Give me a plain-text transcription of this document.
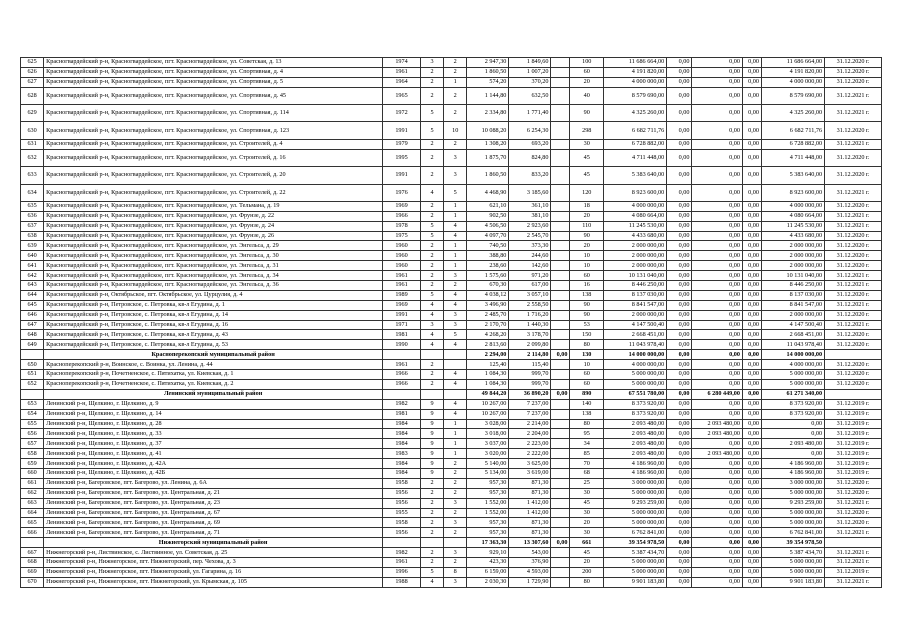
625	Красногвардейский р-н, Красногвардейское, пгт. Красногвардейское, ул. Советская, д. 13	1974	3	2	2 947,30	1 849,60		100	11 686 664,00	0,00	0,00	0,00	11 686 664,00	31.12.2020 г.
626	Красногвардейский р-н, Красногвардейское, пгт. Красногвардейское, ул. Спортивная, д. 4	1961	2	2	1 860,50	1 007,20		60	4 191 820,00	0,00	0,00	0,00	4 191 820,00	31.12.2020 г.
627	Красногвардейский р-н, Красногвардейское, пгт. Красногвардейское, ул. Спортивная, д. 5	1964	2	1	574,20	370,20		20	4 000 000,00	0,00	0,00	0,00	4 000 000,00	31.12.2020 г.
628	Красногвардейский р-н, Красногвардейское, пгт. Красногвардейское, ул. Спортивная, д. 45	1965	2	2	1 144,80	632,50		40	8 579 690,00	0,00	0,00	0,00	8 579 690,00	31.12.2021 г.
629	Красногвардейский р-н, Красногвардейское, пгт. Красногвардейское, ул. Спортивная, д. 114	1972	5	2	2 334,80	1 771,40		90	4 325 260,00	0,00	0,00	0,00	4 325 260,00	31.12.2021 г.
630	Красногвардейский р-н, Красногвардейское, пгт. Красногвардейское, ул. Спортивная, д. 123	1991	5	10	10 088,20	6 254,30		298	6 682 711,76	0,00	0,00	0,00	6 682 711,76	31.12.2020 г.
631	Красногвардейский р-н, Красногвардейское, пгт. Красногвардейское, ул. Строителей, д. 4	1979	2	2	1 308,20	693,20		30	6 728 882,00	0,00	0,00	0,00	6 728 882,00	31.12.2021 г.
632	Красногвардейский р-н, Красногвардейское, пгт. Красногвардейское, ул. Строителей, д. 16	1995	2	3	1 875,70	824,80		45	4 711 448,00	0,00	0,00	0,00	4 711 448,00	31.12.2020 г.
633	Красногвардейский р-н, Красногвардейское, пгт. Красногвардейское, ул. Строителей, д. 20	1991	2	3	1 860,50	833,20		45	5 383 640,00	0,00	0,00	0,00	5 383 640,00	31.12.2020 г.
634	Красногвардейский р-н, Красногвардейское, пгт. Красногвардейское, ул. Строителей, д. 22	1976	4	5	4 468,90	3 185,60		120	8 923 600,00	0,00	0,00	0,00	8 923 600,00	31.12.2021 г.
635	Красногвардейский р-н, Красногвардейское, пгт. Красногвардейское, ул. Тельмана, д. 19	1969	2	1	621,10	361,10		18	4 000 000,00	0,00	0,00	0,00	4 000 000,00	31.12.2020 г.
636	Красногвардейский р-н, Красногвардейское, пгт. Красногвардейское, ул. Фрунзе, д. 22	1966	2	1	902,50	381,10		20	4 080 664,00	0,00	0,00	0,00	4 080 664,00	31.12.2021 г.
637	Красногвардейский р-н, Красногвардейское, пгт. Красногвардейское, ул. Фрунзе, д. 24	1978	5	4	4 506,50	2 923,60		110	11 245 530,00	0,00	0,00	0,00	11 245 530,00	31.12.2021 г.
638	Красногвардейский р-н, Красногвардейское, пгт. Красногвардейское, ул. Фрунзе, д. 26	1975	5	4	4 097,70	2 545,70		90	4 433 680,00	0,00	0,00	0,00	4 433 680,00	31.12.2020 г.
639	Красногвардейский р-н, Красногвардейское, пгт. Красногвардейское, ул. Энгельса, д. 29	1960	2	1	740,50	373,30		20	2 000 000,00	0,00	0,00	0,00	2 000 000,00	31.12.2020 г.
640	Красногвардейский р-н, Красногвардейское, пгт. Красногвардейское, ул. Энгельса, д. 30	1960	2	1	388,80	244,60		10	2 000 000,00	0,00	0,00	0,00	2 000 000,00	31.12.2020 г.
641	Красногвардейский р-н, Красногвардейское, пгт. Красногвардейское, ул. Энгельса, д. 31	1960	2	1	238,60	142,60		10	2 000 000,00	0,00	0,00	0,00	2 000 000,00	31.12.2020 г.
642	Красногвардейский р-н, Красногвардейское, пгт. Красногвардейское, ул. Энгельса, д. 34	1961	2	3	1 575,60	971,20		60	10 131 040,00	0,00	0,00	0,00	10 131 040,00	31.12.2021 г.
643	Красногвардейский р-н, Красногвардейское, пгт. Красногвардейское, ул. Энгельса, д. 36	1961	2	2	670,30	617,00		16	8 446 250,00	0,00	0,00	0,00	8 446 250,00	31.12.2021 г.
644	Красногвардейский р-н, Октябрьское, пгт. Октябрьское, ул. Цурцулия, д. 4	1989	5	4	4 038,12	3 057,10		138	8 137 030,00	0,00	0,00	0,00	8 137 030,00	31.12.2020 г.
645	Красногвардейский р-н, Петровское, с. Петровка, кв-л Егудина, д. 1	1969	4	4	3 496,90	2 558,50		90	8 841 547,00	0,00	0,00	0,00	8 841 547,00	31.12.2021 г.
646	Красногвардейский р-н, Петровское, с. Петровка, кв-л Егудина, д. 14	1991	4	3	2 485,70	1 716,20		90	2 000 000,00	0,00	0,00	0,00	2 000 000,00	31.12.2020 г.
647	Красногвардейский р-н, Петровское, с. Петровка, кв-л Егудина, д. 16	1971	3	3	2 170,70	1 440,30		53	4 147 500,40	0,00	0,00	0,00	4 147 500,40	31.12.2021 г.
648	Красногвардейский р-н, Петровское, с. Петровка, кв-л Егудина, д. 43	1981	4	5	4 268,20	3 178,70		150	2 668 451,00	0,00	0,00	0,00	2 668 451,00	31.12.2020 г.
649	Красногвардейский р-н, Петровское, с. Петровка, кв-л Егудина, д. 53	1990	4	4	2 813,60	2 099,80		80	11 043 978,40	0,00	0,00	0,00	11 043 978,40	31.12.2020 г.
	Красноперекопский муниципальный район				2 294,00	2 114,80	0,00	130	14 000 000,00	0,00	0,00	0,00	14 000 000,00	
650	Красноперекопский р-н, Воинское, с. Воинка, ул. Ленина, д. 44	1961	2		125,40	115,40		10	4 000 000,00	0,00	0,00	0,00	4 000 000,00	31.12.2020 г.
651	Красноперекопский р-н, Почетненское, с. Пятихатка, ул. Киевская, д. 1	1966	2	4	1 084,30	999,70		60	5 000 000,00	0,00	0,00	0,00	5 000 000,00	31.12.2020 г.
652	Красноперекопский р-н, Почетненское, с. Пятихатка, ул. Киевская, д. 2	1966	2	4	1 084,30	999,70		60	5 000 000,00	0,00	0,00	0,00	5 000 000,00	31.12.2020 г.
	Ленинский муниципальный район				49 844,20	36 890,20	0,00	890	67 551 780,00	0,00	6 280 449,00	0,00	61 271 340,00	
653	Ленинский р-н, Щелкино, г. Щелкино, д. 9	1982	9	4	10 267,00	7 237,00		140	8 373 920,00	0,00	0,00	0,00	8 373 920,00	31.12.2019 г.
654	Ленинский р-н, Щелкино, г. Щелкино, д. 14	1981	9	4	10 267,00	7 237,00		138	8 373 920,00	0,00	0,00	0,00	8 373 920,00	31.12.2019 г.
655	Ленинский р-н, Щелкино, г. Щелкино, д. 28	1984	9	1	3 028,00	2 214,00		80	2 093 480,00	0,00	2 093 480,00	0,00	0,00	31.12.2019 г.
656	Ленинский р-н, Щелкино, г. Щелкино, д. 33	1984	9	1	3 018,00	2 204,00		95	2 093 480,00	0,00	2 093 480,00	0,00	0,00	31.12.2019 г.
657	Ленинский р-н, Щелкино, г. Щелкино, д. 37	1984	9	1	3 037,00	2 223,00		34	2 093 480,00	0,00	0,00	0,00	2 093 480,00	31.12.2019 г.
658	Ленинский р-н, Щелкино, г. Щелкино, д. 41	1983	9	1	3 020,00	2 222,00		85	2 093 480,00	0,00	2 093 480,00	0,00	0,00	31.12.2019 г.
659	Ленинский р-н, Щелкино, г. Щелкино, д. 42А	1984	9	2	5 140,00	3 625,00		70	4 186 960,00	0,00	0,00	0,00	4 186 960,00	31.12.2019 г.
660	Ленинский р-н, Щелкино, г. Щелкино, д. 42Б	1984	9	2	5 134,00	3 619,00		68	4 186 960,00	0,00	0,00	0,00	4 186 960,00	31.12.2019 г.
661	Ленинский р-н, Багеровское, пгт. Багерово, ул. Ленина, д. 6А	1958	2	2	957,30	871,30		25	3 000 000,00	0,00	0,00	0,00	3 000 000,00	31.12.2020 г.
662	Ленинский р-н, Багеровское, пгт. Багерово, ул. Центральная, д. 21	1956	2	2	957,30	871,30		30	5 000 000,00	0,00	0,00	0,00	5 000 000,00	31.12.2020 г.
663	Ленинский р-н, Багеровское, пгт. Багерово, ул. Центральная, д. 23	1956	2	3	1 552,00	1 412,00		45	9 293 259,00	0,00	0,00	0,00	9 293 259,00	31.12.2021 г.
664	Ленинский р-н, Багеровское, пгт. Багерово, ул. Центральная, д. 67	1955	2	2	1 552,00	1 412,00		30	5 000 000,00	0,00	0,00	0,00	5 000 000,00	31.12.2020 г.
665	Ленинский р-н, Багеровское, пгт. Багерово, ул. Центральная, д. 69	1958	2	3	957,30	871,30		20	5 000 000,00	0,00	0,00	0,00	5 000 000,00	31.12.2020 г.
666	Ленинский р-н, Багеровское, пгт. Багерово, ул. Центральная, д. 71	1956	2	2	957,30	871,30		30	6 762 841,00	0,00	0,00	0,00	6 762 841,00	31.12.2021 г.
	Нижнегорский муниципальный район				17 363,30	13 307,60	0,00	661	39 354 978,50	0,00	0,00	0,00	39 354 978,50	
667	Нижнегорский р-н, Листвинское, с. Листвинное, ул. Советская, д. 25	1982	2	3	929,10	543,00		45	5 387 434,70	0,00	0,00	0,00	5 387 434,70	31.12.2021 г.
668	Нижнегорский р-н, Нижнегорское, пгт. Нижнегорский, пер. Чехова, д. 3	1961	2	2	423,30	376,90		20	5 000 000,00	0,00	0,00	0,00	5 000 000,00	31.12.2021 г.
669	Нижнегорский р-н, Нижнегорское, пгт. Нижнегорский, ул. Гагарина, д. 16	1996	5	8	6 159,00	4 593,00		200	5 000 000,00	0,00	0,00	0,00	5 000 000,00	31.12.2019 г.
670	Нижнегорский р-н, Нижнегорское, пгт. Нижнегорский, ул. Крымская, д. 105	1988	4	3	2 030,30	1 729,90		80	9 901 183,80	0,00	0,00	0,00	9 901 183,80	31.12.2021 г.
